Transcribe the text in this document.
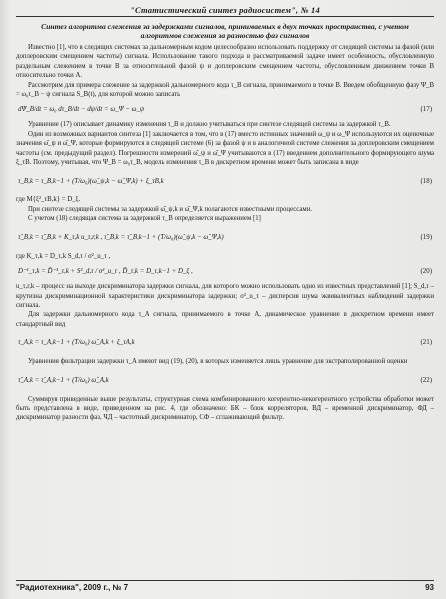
"Статистический синтез радиосистем", № 14
Синтез алгоритма слежения за задержками сигналов, принимаемых в двух точках пространства, с учетом алгоритмов слежения за разностью фаз сигналов

Известно [1], что в следящих системах за дальномерным кодом целесообразно использовать поддержку от следящей системы за фазой (или доплеровским смещением частоты) сигнала. Использование такого подхода в рассматриваемой задаче имеет особенность, обусловленную раздельным слежением в точке B за относительной фазой ψ и доплеровским смещением частоты, обусловленным движением точки B относительно точки A.

Рассмотрим для примера слежение за задержкой дальномерного кода τ_B сигнала, принимаемого в точке B. Введем обобщенную фазу Ψ_B = ω₀τ_B − ψ сигнала S_B(t), для которой можно записать

dΨ_B/dt = ω₀ dτ_B/dt − dψ/dt = ω_Ψ − ω_ψ	(17)

Уравнение (17) описывает динамику изменения τ_B и должно учитываться при синтезе следящей системы за задержкой τ_B.

Один из возможных вариантов синтеза [1] заключается в том, что в (17) вместо истинных значений ω_ψ и ω_Ψ используются их оценочные значения ω̂_ψ и ω̂_Ψ, которые формируются в следящей системе (6) за фазой ψ и в аналогичной системе слежения за доплеровским смещением частоты (см. предыдущий раздел). Погрешности измерений ω̂_ψ и ω̂_Ψ учитываются в (17) введением дополнительного формирующего шума ξ_τB. Поэтому, учитывая, что Ψ_B = ω₀τ_B, модель изменения τ_B в дискретном времени может быть записана в виде

τ_B,k = τ_B,k−1 + (T/ω₀)(ω̂_ψ,k − ω̂_Ψ,k) + ξ_τB,k	(18)

где M{ξ²_τB,k} = D_ξ.

При синтезе следящей системы за задержкой ω̂_ψ,k и ω̂_Ψ,k полагаются известными процессами.

С учетом (18) следящая система за задержкой τ_B определяется выражением [1]

τ̂_B,k = τ̃_B,k + K_τ,k u_τ,r,k , τ̃_B,k = τ̂_B,k−1 + (T/ω₀)(ω̂_ψ,k − ω̂_Ψ,k)	(19)

где K_τ,k = D_τ,k S_d,τ / σ²_u_τ ,

D⁻¹_τ,k = D̃⁻¹_τ,k + S²_d,τ / σ²_u_τ , D̃_τ,k = D_τ,k−1 + D_ξ ,	(20)

u_τ,r,k – процесс на выходе дискриминатора задержки сигнала, для которого можно использовать одно из известных представлений [1]; S_d,τ – крутизна дискриминационной характеристики дискриминатора задержки; σ²_u_τ – дисперсия шума эквивалентных наблюдений задержки сигнала.

Для задержки дальномерного кода τ_A сигнала, принимаемого в точке A, динамическое уравнение в дискретном времени имеет стандартный вид

τ_A,k = τ_A,k−1 + (T/ω₀) ω̂_A,k + ξ_τA,k	(21)

Уравнения фильтрации задержки τ_A имеют вид (19), (20), в которых изменяется лишь уравнение для экстраполированной оценки

τ̃_A,k = τ̂_A,k−1 + (T/ω₀) ω̂_A,k	(22)

Суммируя приведенные выше результаты, структурная схема комбинированного когерентно-некогерентного устройства обработки может быть представлена в виде, приведенном на рис. 4, где обозначено: БК – блок корреляторов, ВД – временной дискриминатор, ФД – дискриминатор разности фаз, ЧД – частотный дискриминатор, СФ – сглаживающий фильтр.

"Радиотехника", 2009 г., № 7	93
